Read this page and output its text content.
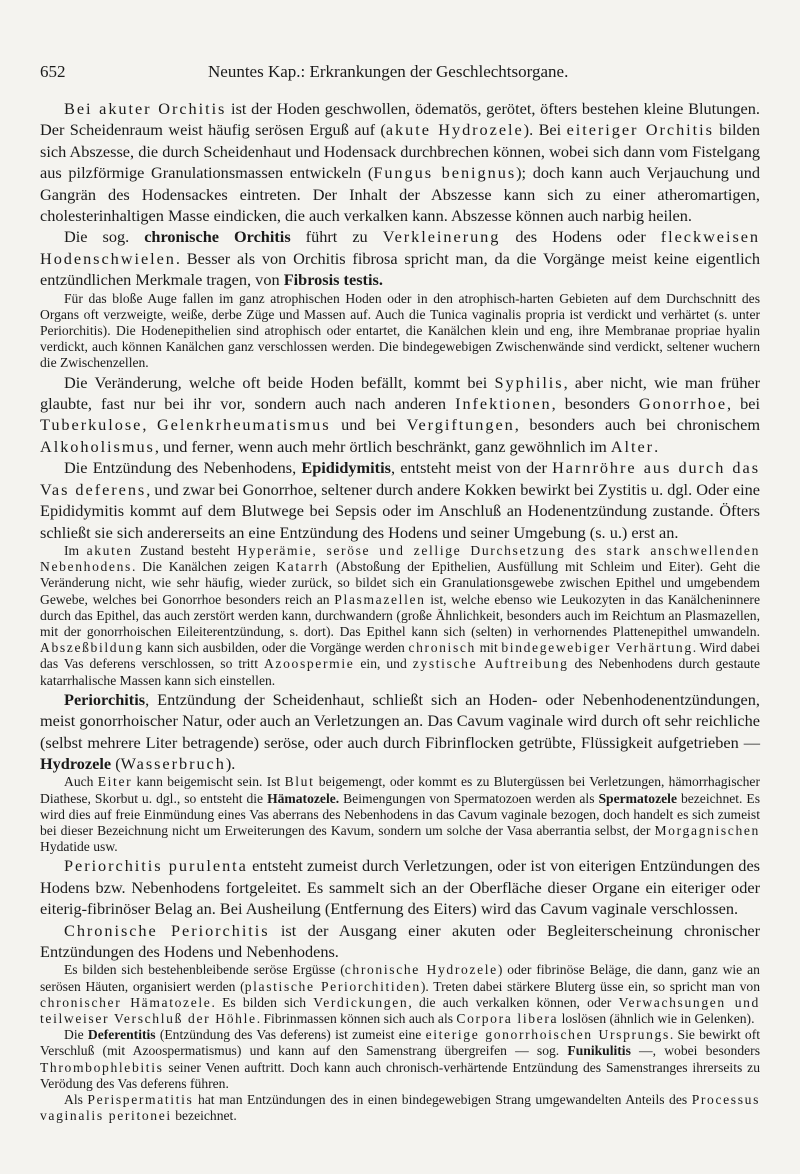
652	Neuntes Kap.: Erkrankungen der Geschlechtsorgane.

Bei akuter Orchitis ist der Hoden geschwollen, ödematös, gerötet, öfters bestehen kleine Blutungen. Der Scheidenraum weist häufig serösen Erguß auf (akute Hydrozele). Bei eiteriger Orchitis bilden sich Abszesse, die durch Scheidenhaut und Hodensack durchbrechen können, wobei sich dann vom Fistelgang aus pilzförmige Granulationsmassen entwickeln (Fungus benignus); doch kann auch Verjauchung und Gangrän des Hodensackes eintreten. Der Inhalt der Abszesse kann sich zu einer atheromartigen, cholesterinhaltigen Masse eindicken, die auch verkalken kann. Abszesse können auch narbig heilen.

Die sog. chronische Orchitis führt zu Verkleinerung des Hodens oder fleckweisen Hodenschwielen. Besser als von Orchitis fibrosa spricht man, da die Vorgänge meist keine eigentlich entzündlichen Merkmale tragen, von Fibrosis testis.

Für das bloße Auge fallen im ganz atrophischen Hoden oder in den atrophisch-harten Gebieten auf dem Durchschnitt des Organs oft verzweigte, weiße, derbe Züge und Massen auf. Auch die Tunica vaginalis propria ist verdickt und verhärtet (s. unter Periorchitis). Die Hodenepithelien sind atrophisch oder entartet, die Kanälchen klein und eng, ihre Membranae propriae hyalin verdickt, auch können Kanälchen ganz verschlossen werden. Die bindegewebigen Zwischenwände sind verdickt, seltener wuchern die Zwischenzellen.

Die Veränderung, welche oft beide Hoden befällt, kommt bei Syphilis, aber nicht, wie man früher glaubte, fast nur bei ihr vor, sondern auch nach anderen Infektionen, besonders Gonorrhoe, bei Tuberkulose, Gelenkrheumatismus und bei Vergiftungen, besonders auch bei chronischem Alkoholismus, und ferner, wenn auch mehr örtlich beschränkt, ganz gewöhnlich im Alter.

Die Entzündung des Nebenhodens, Epididymitis, entsteht meist von der Harnröhre aus durch das Vas deferens, und zwar bei Gonorrhoe, seltener durch andere Kokken bewirkt bei Zystitis u. dgl. Oder eine Epididymitis kommt auf dem Blutwege bei Sepsis oder im Anschluß an Hodenentzündung zustande. Öfters schließt sie sich andererseits an eine Entzündung des Hodens und seiner Umgebung (s. u.) erst an.

Im akuten Zustand besteht Hyperämie, seröse und zellige Durchsetzung des stark anschwellenden Nebenhodens. Die Kanälchen zeigen Katarrh (Abstoßung der Epithelien, Ausfüllung mit Schleim und Eiter). Geht die Veränderung nicht, wie sehr häufig, wieder zurück, so bildet sich ein Granulationsgewebe zwischen Epithel und umgebendem Gewebe, welches bei Gonorrhoe besonders reich an Plasmazellen ist, welche ebenso wie Leukozyten in das Kanälcheninnere durch das Epithel, das auch zerstört werden kann, durchwandern (große Ähnlichkeit, besonders auch im Reichtum an Plasmazellen, mit der gonorrhoischen Eileiterentzündung, s. dort). Das Epithel kann sich (selten) in verhornendes Plattenepithel umwandeln. Abszeßbildung kann sich ausbilden, oder die Vorgänge werden chronisch mit bindegewebiger Verhärtung. Wird dabei das Vas deferens verschlossen, so tritt Azoospermie ein, und zystische Auftreibung des Nebenhodens durch gestaute katarrhalische Massen kann sich einstellen.

Periorchitis, Entzündung der Scheidenhaut, schließt sich an Hoden- oder Nebenhodenentzündungen, meist gonorrhoischer Natur, oder auch an Verletzungen an. Das Cavum vaginale wird durch oft sehr reichliche (selbst mehrere Liter betragende) seröse, oder auch durch Fibrinflocken getrübte, Flüssigkeit aufgetrieben — Hydrozele (Wasserbruch).

Auch Eiter kann beigemischt sein. Ist Blut beigemengt, oder kommt es zu Blutergüssen bei Verletzungen, hämorrhagischer Diathese, Skorbut u. dgl., so entsteht die Hämatozele. Beimengungen von Spermatozoen werden als Spermatozele bezeichnet. Es wird dies auf freie Einmündung eines Vas aberrans des Nebenhodens in das Cavum vaginale bezogen, doch handelt es sich zumeist bei dieser Bezeichnung nicht um Erweiterungen des Kavum, sondern um solche der Vasa aberrantia selbst, der Morgagnischen Hydatide usw.

Periorchitis purulenta entsteht zumeist durch Verletzungen, oder ist von eiterigen Entzündungen des Hodens bzw. Nebenhodens fortgeleitet. Es sammelt sich an der Oberfläche dieser Organe ein eiteriger oder eiterig-fibrinöser Belag an. Bei Ausheilung (Entfernung des Eiters) wird das Cavum vaginale verschlossen.

Chronische Periorchitis ist der Ausgang einer akuten oder Begleiterscheinung chronischer Entzündungen des Hodens und Nebenhodens.

Es bilden sich bestehenbleibende seröse Ergüsse (chronische Hydrozele) oder fibrinöse Beläge, die dann, ganz wie an serösen Häuten, organisiert werden (plastische Periorchitiden). Treten dabei stärkere Bluterg üsse ein, so spricht man von chronischer Hämatozele. Es bilden sich Verdickungen, die auch verkalken können, oder Verwachsungen und teilweiser Verschluß der Höhle. Fibrinmassen können sich auch als Corpora libera loslösen (ähnlich wie in Gelenken).

Die Deferentitis (Entzündung des Vas deferens) ist zumeist eine eiterige gonorrhoischen Ursprungs. Sie bewirkt oft Verschluß (mit Azoospermatismus) und kann auf den Samenstrang übergreifen — sog. Funikulitis —, wobei besonders Thrombophlebitis seiner Venen auftritt. Doch kann auch chronisch-verhärtende Entzündung des Samenstranges ihrerseits zu Verödung des Vas deferens führen.

Als Perispermatitis hat man Entzündungen des in einen bindegewebigen Strang umgewandelten Anteils des Processus vaginalis peritonei bezeichnet.
